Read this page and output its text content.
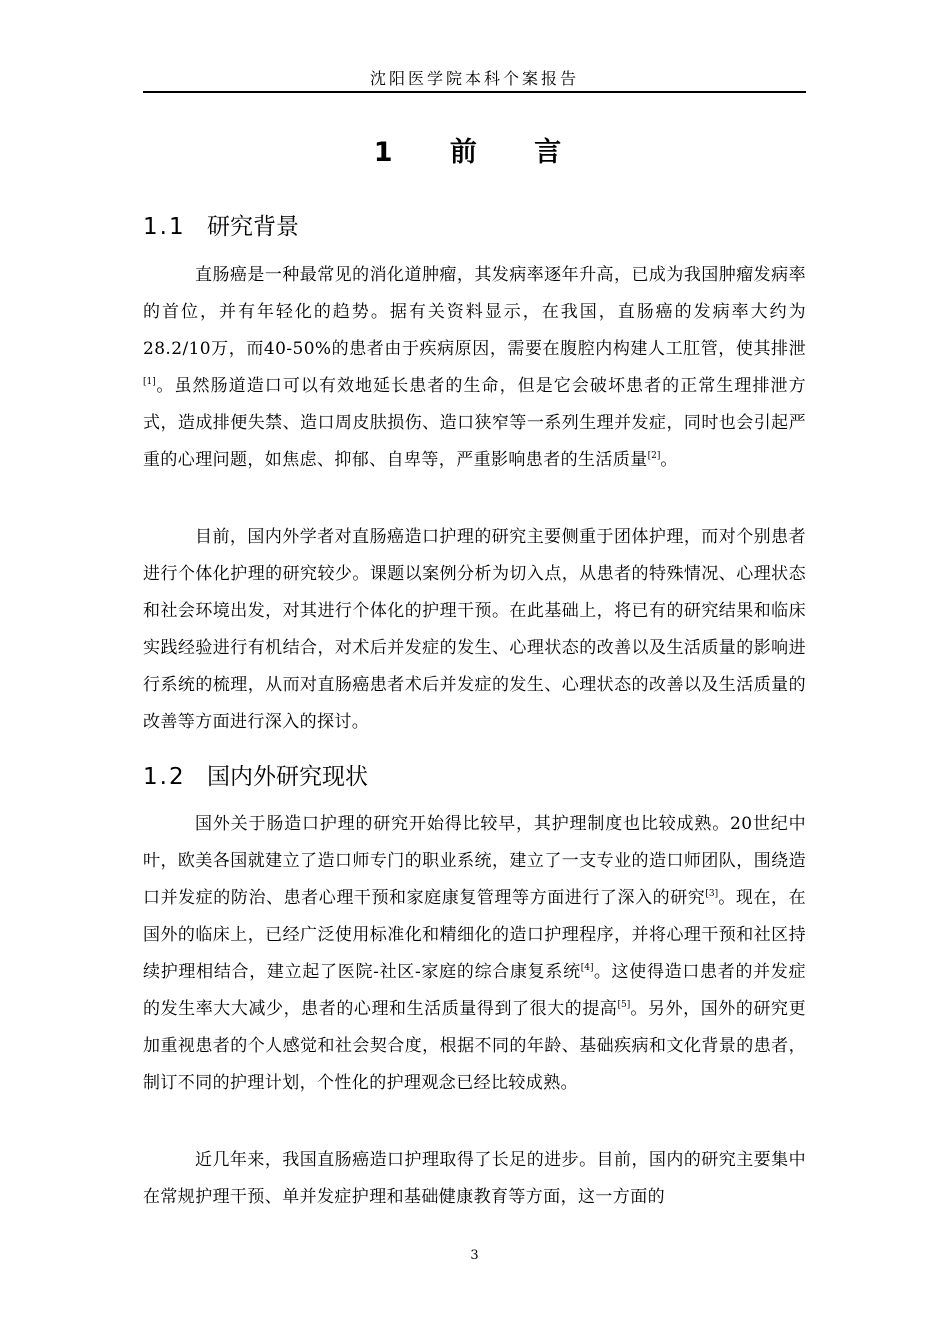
沈阳医学院本科个案报告
1 前 言
1.1 研究背景
直肠癌是一种最常见的消化道肿瘤，其发病率逐年升高，已成为我国肿瘤发病率的首位，并有年轻化的趋势。据有关资料显示，在我国，直肠癌的发病率大约为28.2/10万，而40-50%的患者由于疾病原因，需要在腹腔内构建人工肛管，使其排泄[1]。虽然肠道造口可以有效地延长患者的生命，但是它会破坏患者的正常生理排泄方式，造成排便失禁、造口周皮肤损伤、造口狭窄等一系列生理并发症，同时也会引起严重的心理问题，如焦虑、抑郁、自卑等，严重影响患者的生活质量[2]。
目前，国内外学者对直肠癌造口护理的研究主要侧重于团体护理，而对个别患者进行个体化护理的研究较少。课题以案例分析为切入点，从患者的特殊情况、心理状态和社会环境出发，对其进行个体化的护理干预。在此基础上，将已有的研究结果和临床实践经验进行有机结合，对术后并发症的发生、心理状态的改善以及生活质量的影响进行系统的梳理，从而对直肠癌患者术后并发症的发生、心理状态的改善以及生活质量的改善等方面进行深入的探讨。
1.2 国内外研究现状
国外关于肠造口护理的研究开始得比较早，其护理制度也比较成熟。20世纪中叶，欧美各国就建立了造口师专门的职业系统，建立了一支专业的造口师团队，围绕造口并发症的防治、患者心理干预和家庭康复管理等方面进行了深入的研究[3]。现在，在国外的临床上，已经广泛使用标准化和精细化的造口护理程序，并将心理干预和社区持续护理相结合，建立起了医院-社区-家庭的综合康复系统[4]。这使得造口患者的并发症的发生率大大减少，患者的心理和生活质量得到了很大的提高[5]。另外，国外的研究更加重视患者的个人感觉和社会契合度，根据不同的年龄、基础疾病和文化背景的患者，制订不同的护理计划，个性化的护理观念已经比较成熟。
近几年来，我国直肠癌造口护理取得了长足的进步。目前，国内的研究主要集中在常规护理干预、单并发症护理和基础健康教育等方面，这一方面的
3
